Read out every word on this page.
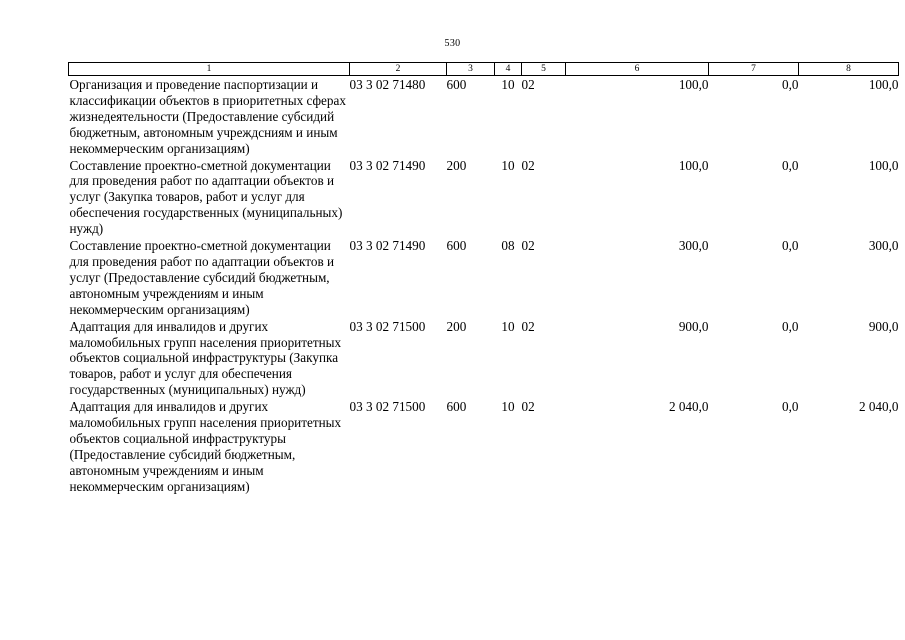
530
1	2	3	4	5	6	7	8
Организация и проведение паспортизации и классификации объектов в приоритетных сферах жизнедеятельности (Предоставление субсидий бюджетным, автономным учреждсниям и иным некоммерческим организациям)	03 3 02 71480	600	10	02	100,0	0,0	100,0
Составление проектно-сметной документации для проведения работ по адаптации объектов и услуг (Закупка товаров, работ и услуг для обеспечения государственных (муниципальных) нужд)	03 3 02 71490	200	10	02	100,0	0,0	100,0
Составление проектно-сметной документации для проведения работ по адаптации объектов и услуг (Предоставление субсидий бюджетным, автономным учреждениям и иным некоммерческим организациям)	03 3 02 71490	600	08	02	300,0	0,0	300,0
Адаптация для инвалидов и других маломобильных групп населения приоритетных объектов социальной инфраструктуры (Закупка товаров, работ и услуг для обеспечения государственных (муниципальных) нужд)	03 3 02 71500	200	10	02	900,0	0,0	900,0
Адаптация для инвалидов и других маломобильных групп населения приоритетных объектов социальной инфраструктуры (Предоставление субсидий бюджетным, автономным учреждениям и иным некоммерческим организациям)	03 3 02 71500	600	10	02	2 040,0	0,0	2 040,0
